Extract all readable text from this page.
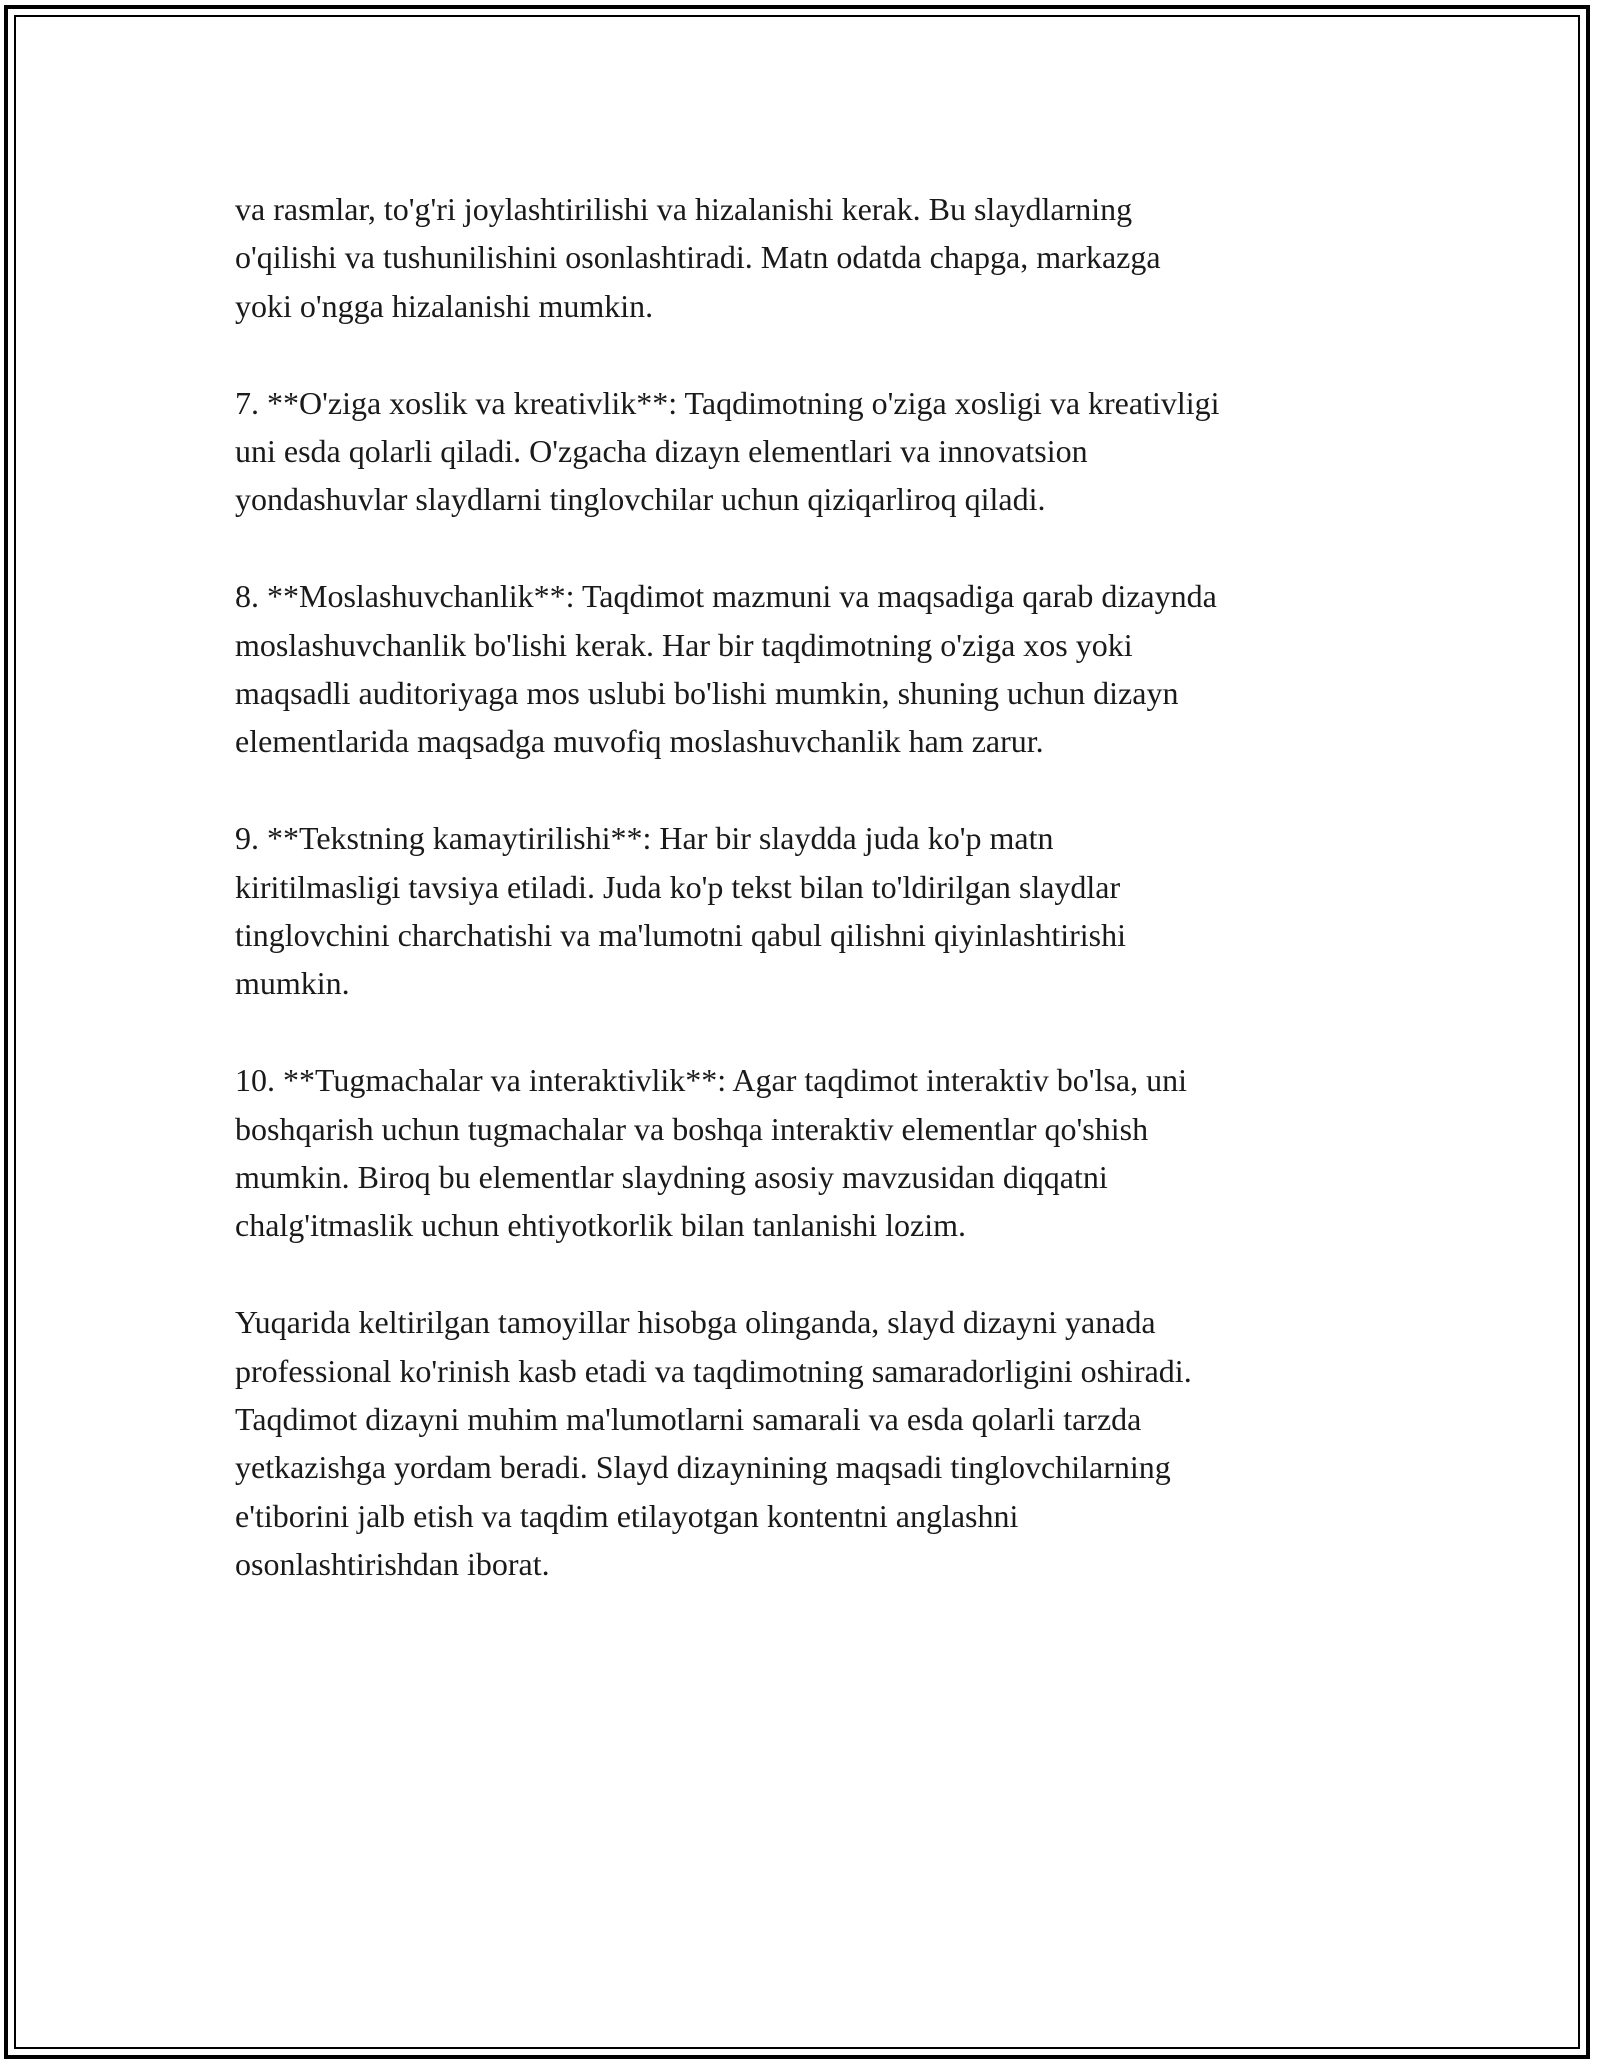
va rasmlar, to'g'ri joylashtirilishi va hizalanishi kerak. Bu slaydlarning
o'qilishi va tushunilishini osonlashtiradi. Matn odatda chapga, markazga
yoki o'ngga hizalanishi mumkin.

7. **O'ziga xoslik va kreativlik**: Taqdimotning o'ziga xosligi va kreativligi
uni esda qolarli qiladi. O'zgacha dizayn elementlari va innovatsion
yondashuvlar slaydlarni tinglovchilar uchun qiziqarliroq qiladi.

8. **Moslashuvchanlik**: Taqdimot mazmuni va maqsadiga qarab dizaynda
moslashuvchanlik bo'lishi kerak. Har bir taqdimotning o'ziga xos yoki
maqsadli auditoriyaga mos uslubi bo'lishi mumkin, shuning uchun dizayn
elementlarida maqsadga muvofiq moslashuvchanlik ham zarur.

9. **Tekstning kamaytirilishi**: Har bir slaydda juda ko'p matn
kiritilmasligi tavsiya etiladi. Juda ko'p tekst bilan to'ldirilgan slaydlar
tinglovchini charchatishi va ma'lumotni qabul qilishni qiyinlashtirishi
mumkin.

10. **Tugmachalar va interaktivlik**: Agar taqdimot interaktiv bo'lsa, uni
boshqarish uchun tugmachalar va boshqa interaktiv elementlar qo'shish
mumkin. Biroq bu elementlar slaydning asosiy mavzusidan diqqatni
chalg'itmaslik uchun ehtiyotkorlik bilan tanlanishi lozim.

Yuqarida keltirilgan tamoyillar hisobga olinganda, slayd dizayni yanada
professional ko'rinish kasb etadi va taqdimotning samaradorligini oshiradi.
Taqdimot dizayni muhim ma'lumotlarni samarali va esda qolarli tarzda
yetkazishga yordam beradi. Slayd dizaynining maqsadi tinglovchilarning
e'tiborini jalb etish va taqdim etilayotgan kontentni anglashni
osonlashtirishdan iborat.
